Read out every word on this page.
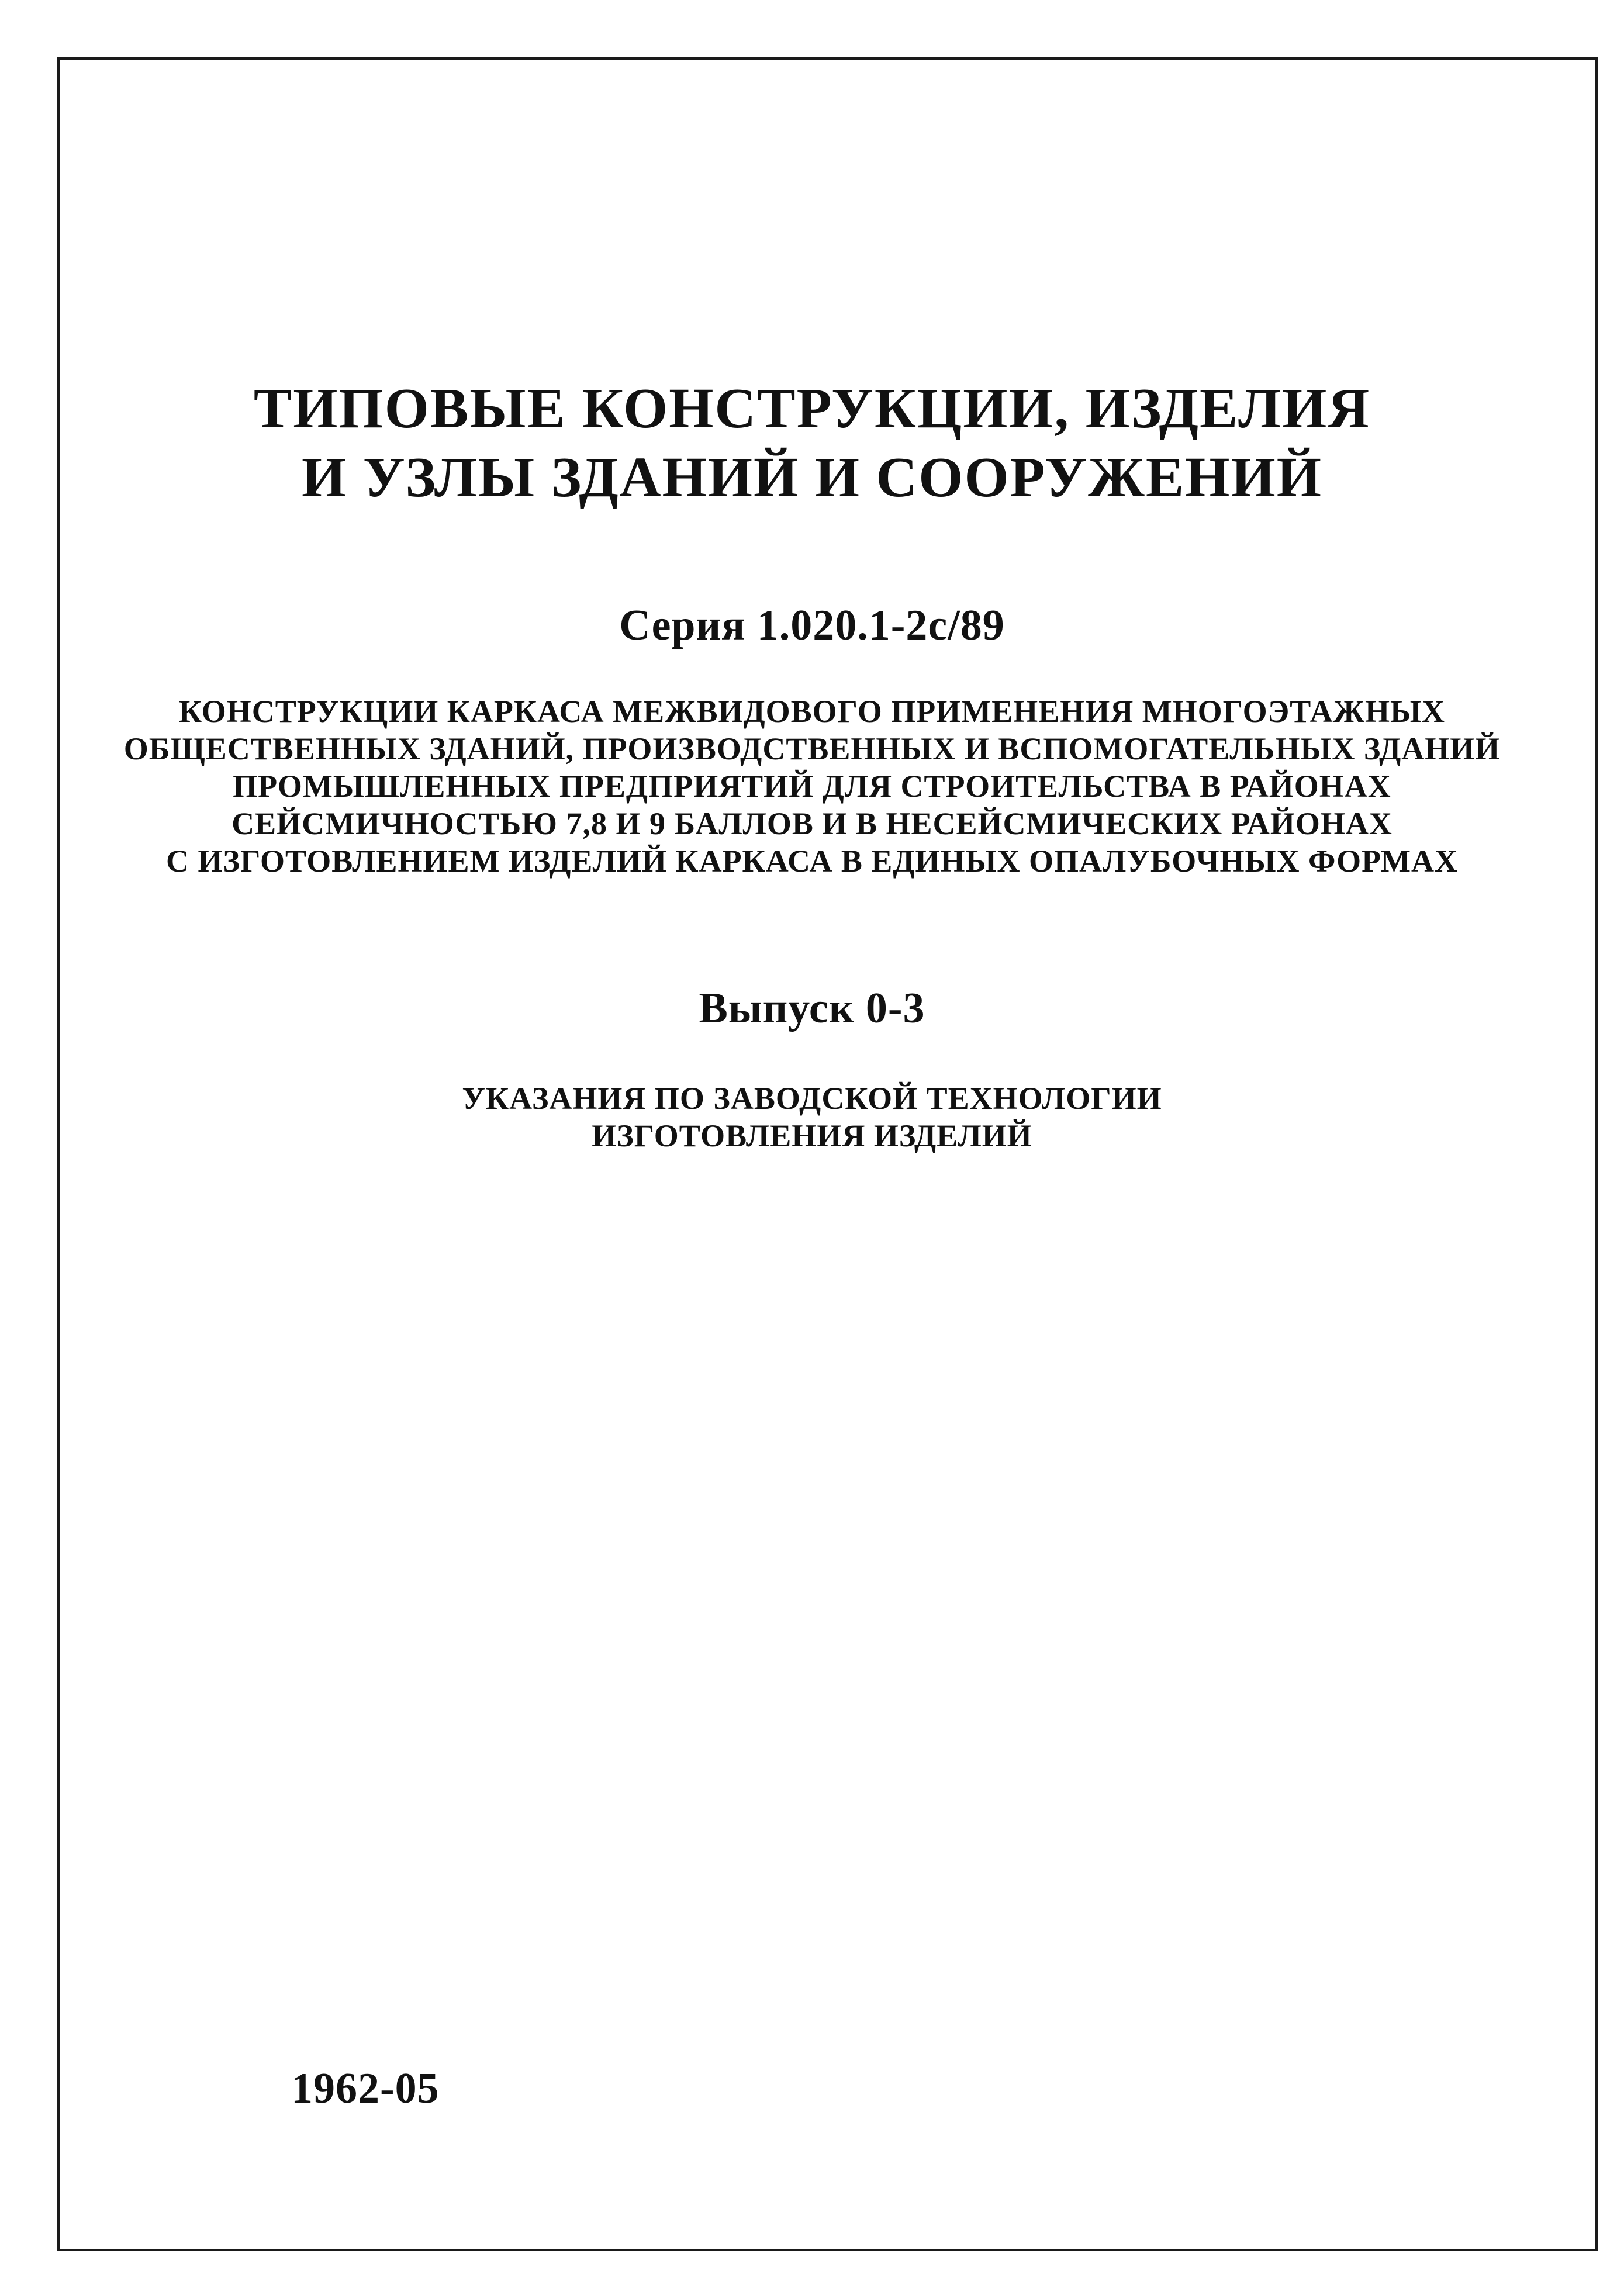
ТИПОВЫЕ КОНСТРУКЦИИ, ИЗДЕЛИЯ
И УЗЛЫ ЗДАНИЙ И СООРУЖЕНИЙ
Серия 1.020.1-2с/89
КОНСТРУКЦИИ КАРКАСА МЕЖВИДОВОГО ПРИМЕНЕНИЯ МНОГОЭТАЖНЫХ
ОБЩЕСТВЕННЫХ ЗДАНИЙ, ПРОИЗВОДСТВЕННЫХ И ВСПОМОГАТЕЛЬНЫХ ЗДАНИЙ
ПРОМЫШЛЕННЫХ ПРЕДПРИЯТИЙ ДЛЯ СТРОИТЕЛЬСТВА В РАЙОНАХ
СЕЙСМИЧНОСТЬЮ 7,8 И 9 БАЛЛОВ И В НЕСЕЙСМИЧЕСКИХ РАЙОНАХ
С ИЗГОТОВЛЕНИЕМ ИЗДЕЛИЙ КАРКАСА В ЕДИНЫХ ОПАЛУБОЧНЫХ ФОРМАХ
Выпуск 0-3
УКАЗАНИЯ ПО ЗАВОДСКОЙ ТЕХНОЛОГИИ
ИЗГОТОВЛЕНИЯ ИЗДЕЛИЙ
1962-05
